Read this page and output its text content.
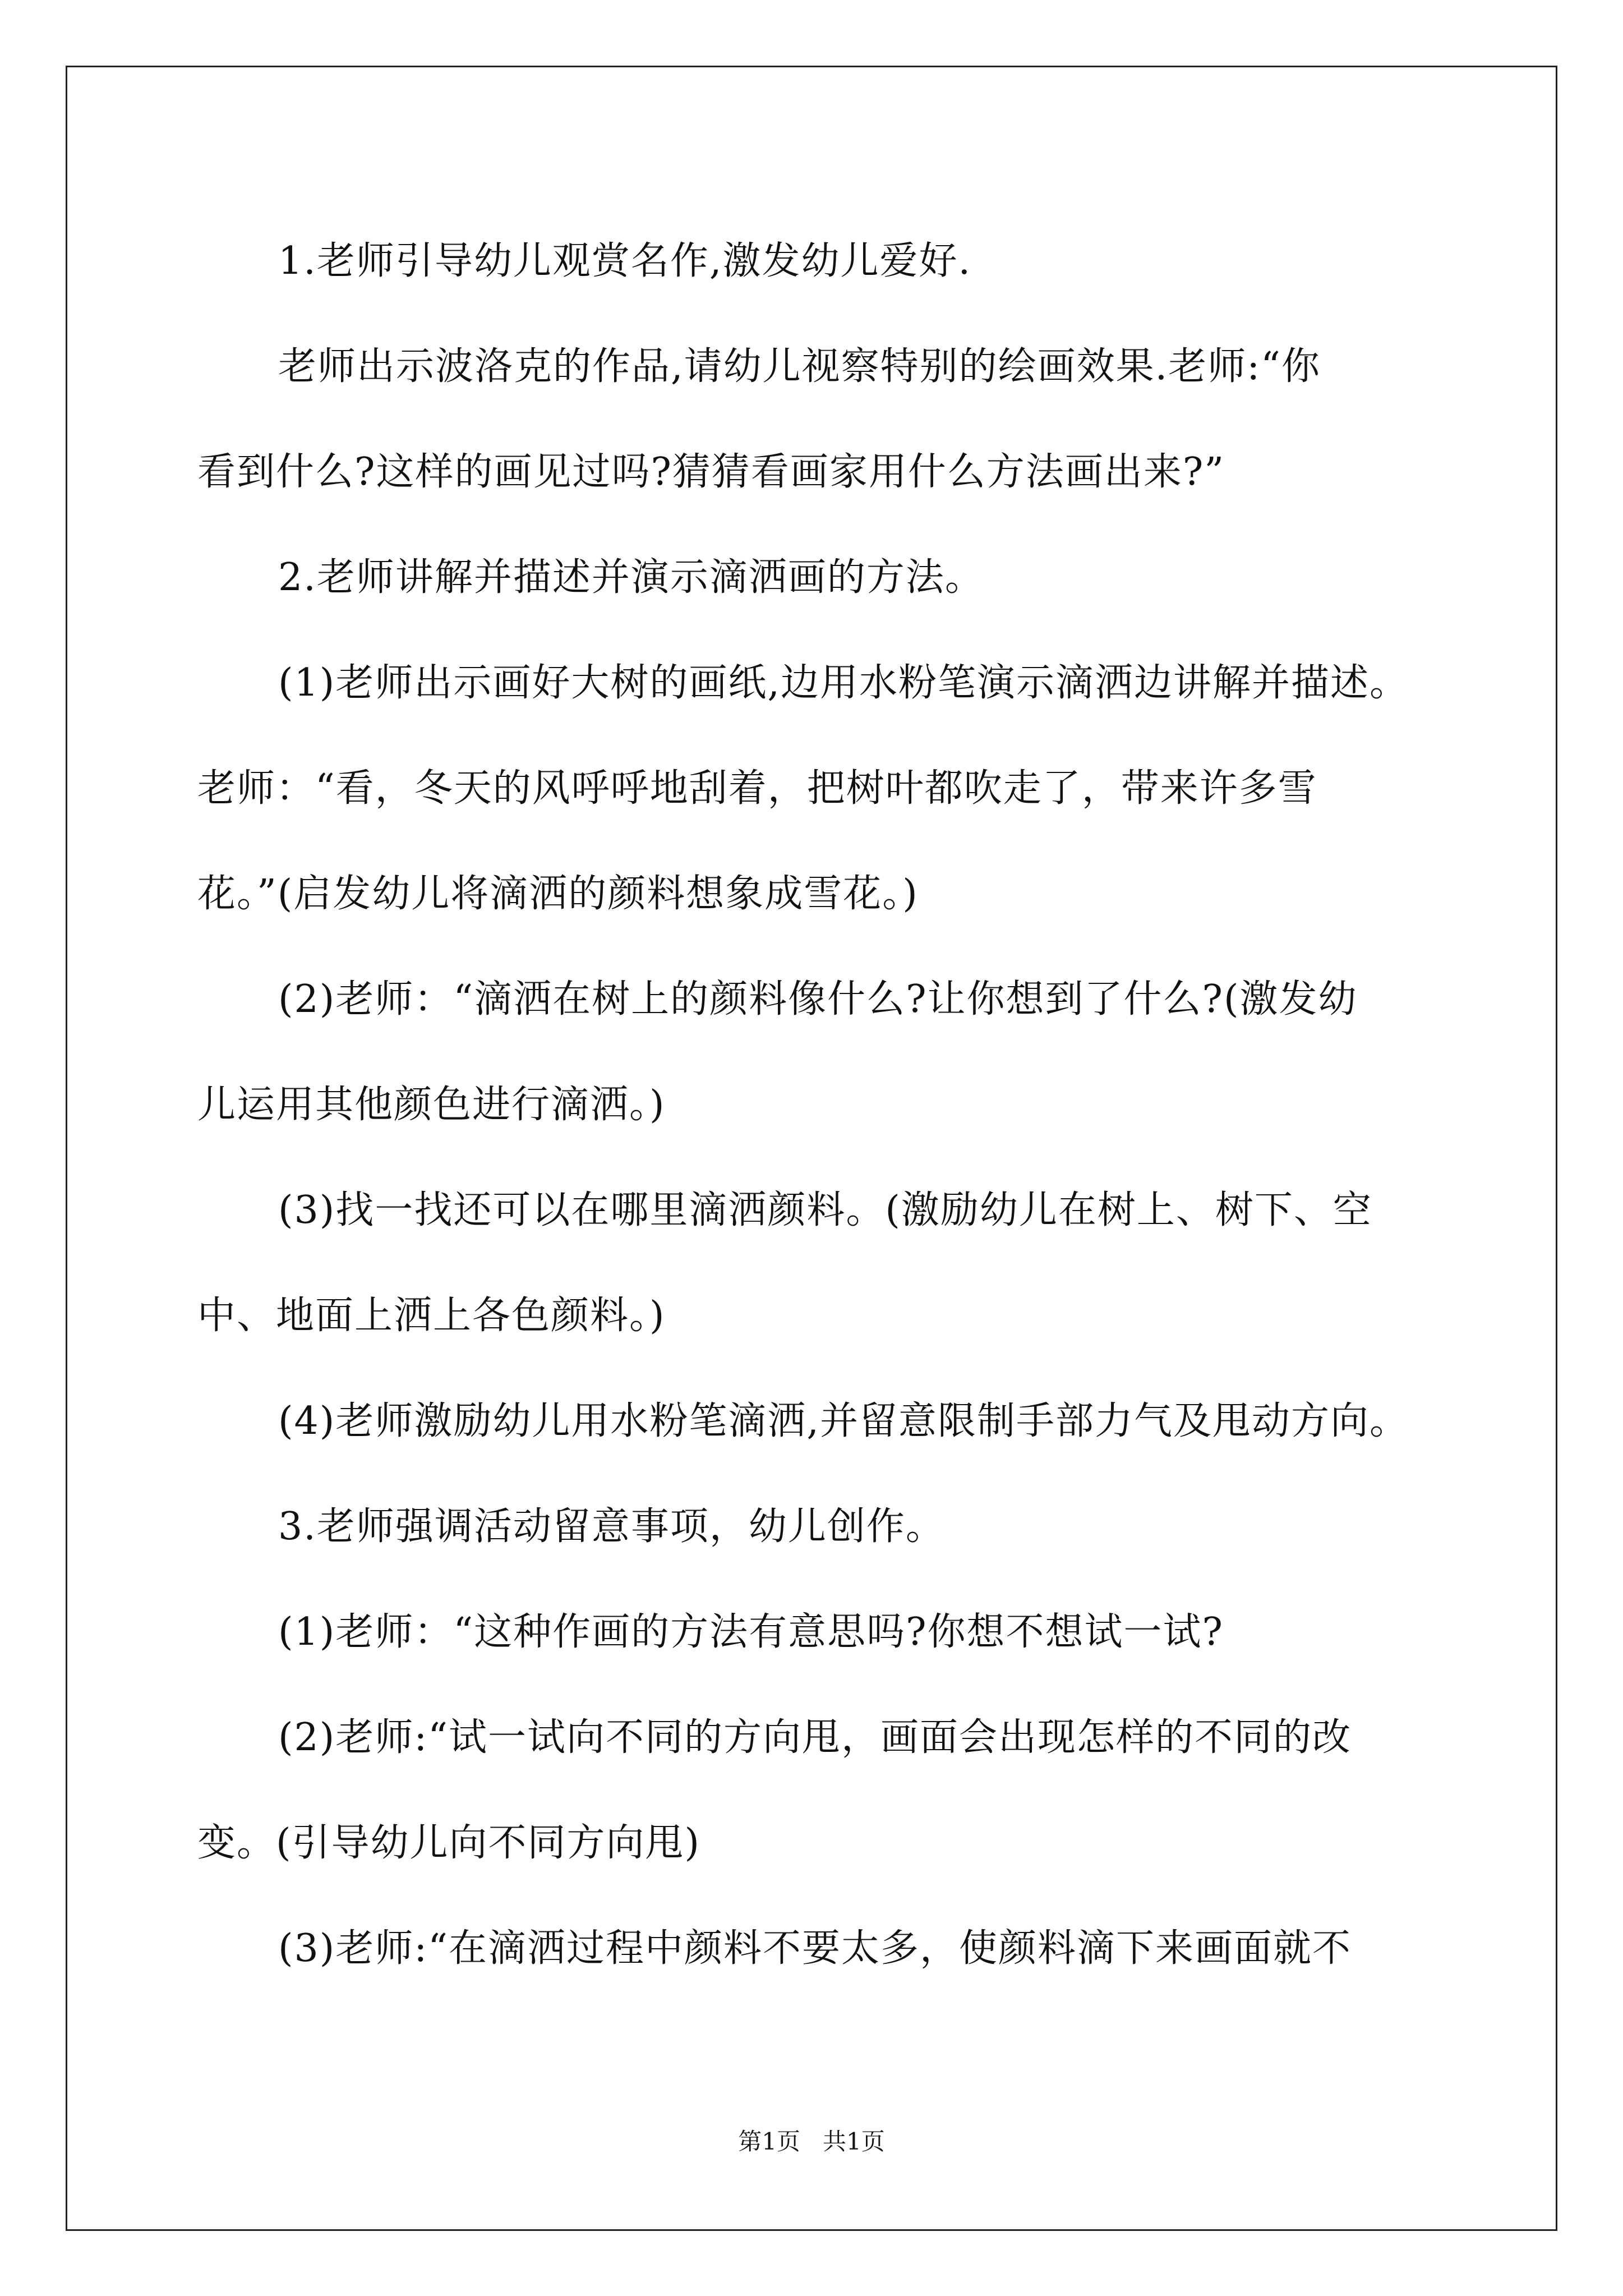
1.老师引导幼儿观赏名作,激发幼儿爱好.

老师出示波洛克的作品,请幼儿视察特别的绘画效果.老师:“你

看到什么?这样的画见过吗?猜猜看画家用什么方法画出来?”

2.老师讲解并描述并演示滴洒画的方法。

(1)老师出示画好大树的画纸,边用水粉笔演示滴洒边讲解并描述。

老师：“看，冬天的风呼呼地刮着，把树叶都吹走了，带来许多雪

花。”(启发幼儿将滴洒的颜料想象成雪花。)

(2)老师：“滴洒在树上的颜料像什么?让你想到了什么?(激发幼

儿运用其他颜色进行滴洒。)

(3)找一找还可以在哪里滴洒颜料。(激励幼儿在树上、树下、空

中、地面上洒上各色颜料。)

(4)老师激励幼儿用水粉笔滴洒,并留意限制手部力气及甩动方向。

3.老师强调活动留意事项，幼儿创作。

(1)老师：“这种作画的方法有意思吗?你想不想试一试?

(2)老师:“试一试向不同的方向甩，画面会出现怎样的不同的改

变。(引导幼儿向不同方向甩)

(3)老师:“在滴洒过程中颜料不要太多，使颜料滴下来画面就不

第1页   共1页
